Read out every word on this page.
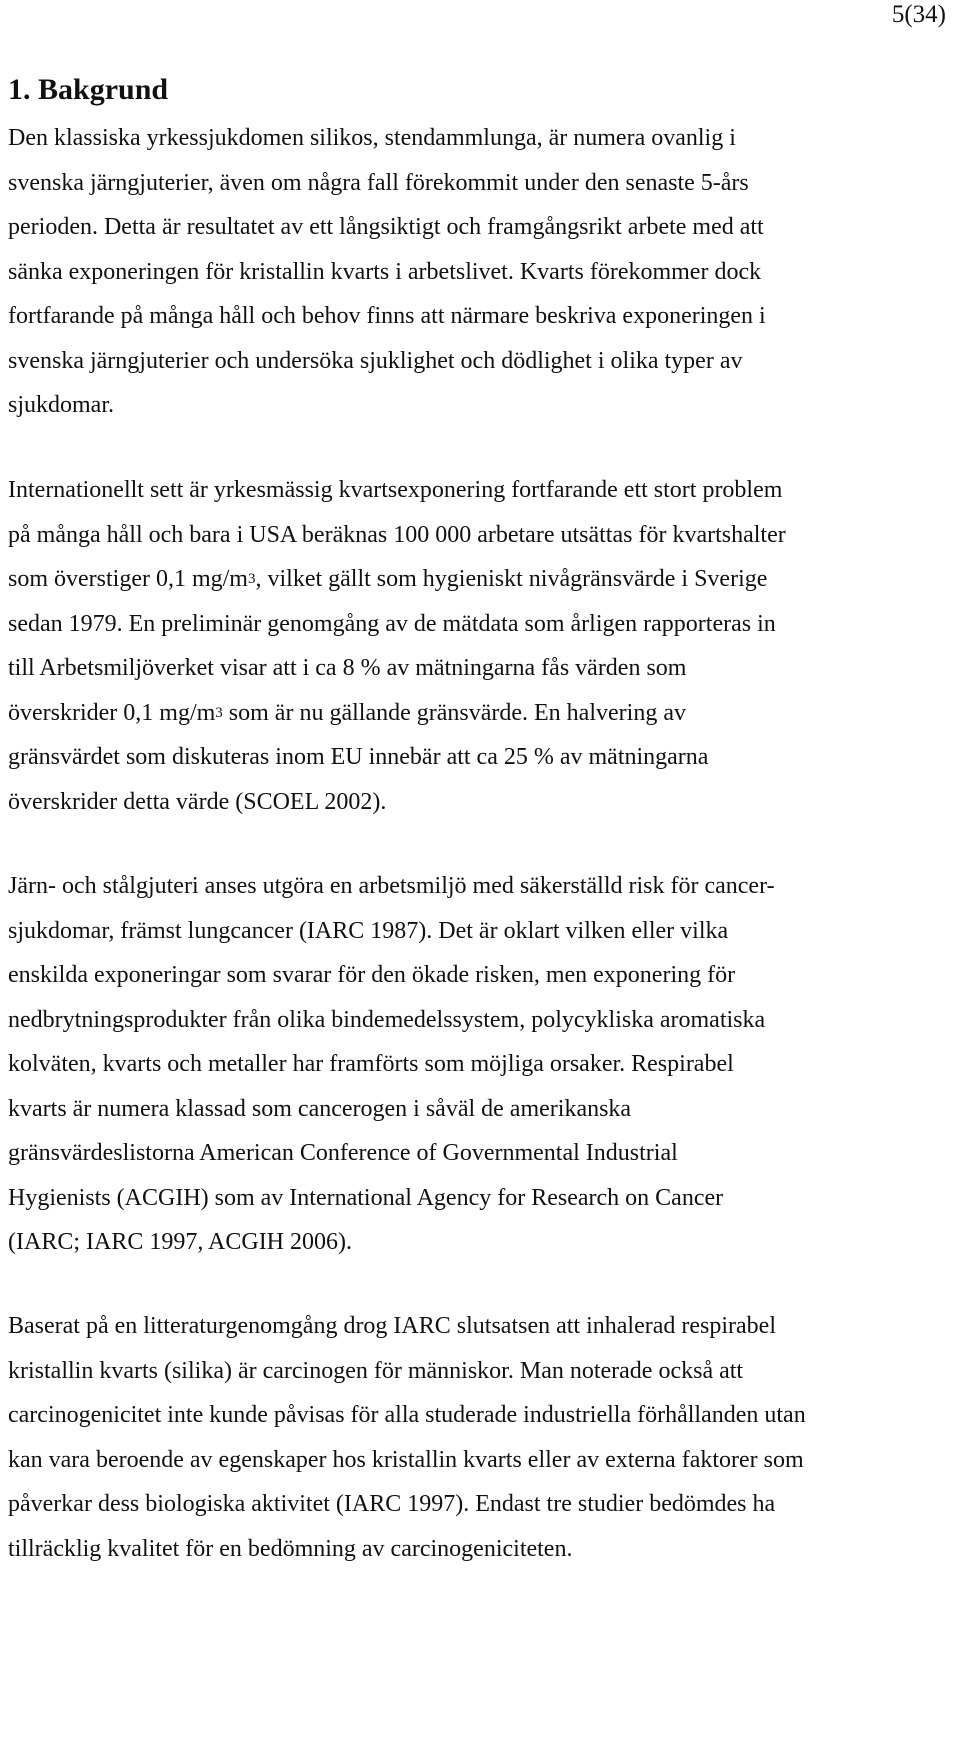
5(34)
1. Bakgrund
Den klassiska yrkessjukdomen silikos, stendammlunga, är numera ovanlig i
svenska järngjuterier, även om några fall förekommit under den senaste 5-års
perioden. Detta är resultatet av ett långsiktigt och framgångsrikt arbete med att
sänka exponeringen för kristallin kvarts i arbetslivet. Kvarts förekommer dock
fortfarande på många håll och behov finns att närmare beskriva exponeringen i
svenska järngjuterier och undersöka sjuklighet och dödlighet i olika typer av
sjukdomar.
Internationellt sett är yrkesmässig kvartsexponering fortfarande ett stort problem
på många håll och bara i USA beräknas 100 000 arbetare utsättas för kvartshalter
som överstiger 0,1 $mg/m^3$, vilket gällt som hygieniskt nivågränsvärde i Sverige
sedan 1979. En preliminär genomgång av de mätdata som årligen rapporteras in
till Arbetsmiljöverket visar att i ca 8 % av mätningarna fås värden som
överskrider 0,1 $mg/m^3$ som är nu gällande gränsvärde. En halvering av
gränsvärdet som diskuteras inom EU innebär att ca 25 % av mätningarna
överskrider detta värde (SCOEL 2002).
Järn- och stålgjuteri anses utgöra en arbetsmiljö med säkerställd risk för cancer-
sjukdomar, främst lungcancer (IARC 1987). Det är oklart vilken eller vilka
enskilda exponeringar som svarar för den ökade risken, men exponering för
nedbrytningsprodukter från olika bindemedelssystem, polycykliska aromatiska
kolväten, kvarts och metaller har framförts som möjliga orsaker. Respirabel
kvarts är numera klassad som cancerogen i såväl de amerikanska
gränsvärdeslistorna American Conference of Governmental Industrial
Hygienists (ACGIH) som av International Agency for Research on Cancer
(IARC; IARC 1997, ACGIH 2006).
Baserat på en litteraturgenomgång drog IARC slutsatsen att inhalerad respirabel
kristallin kvarts (silika) är carcinogen för människor. Man noterade också att
carcinogenicitet inte kunde påvisas för alla studerade industriella förhållanden utan
kan vara beroende av egenskaper hos kristallin kvarts eller av externa faktorer som
påverkar dess biologiska aktivitet (IARC 1997). Endast tre studier bedömdes ha
tillräcklig kvalitet för en bedömning av carcinogeniciteten.
